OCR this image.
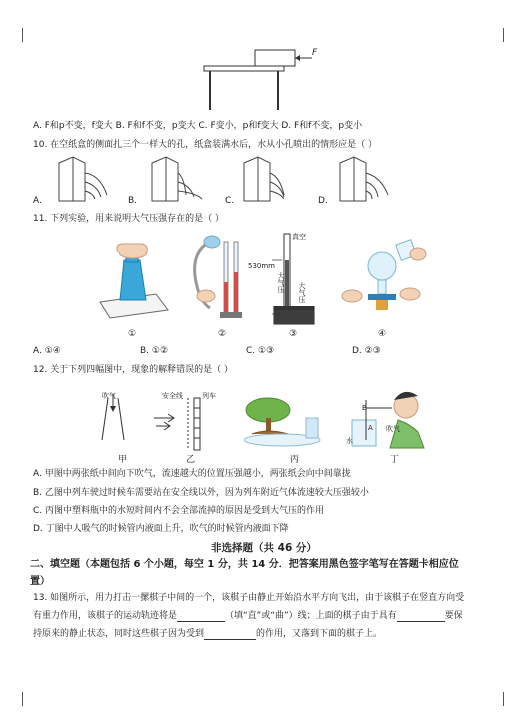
F
A. F和p不变，f变大 B. F和f不变，p变大 C. F变小，p和f变大 D. F和f不变，p变小
10. 在空纸盒的侧面扎三个一样大的孔，纸盒装满水后，水从小孔喷出的情形应是（ ）
A.	B.	C.	D.
11. 下列实验，用来说明大气压强存在的是（ ）
①	②
真空
530mm
大气压 大气压
③	④
A. ①④	B. ①②	C. ①③	D. ②③
12. 关于下列四幅图中，现象的解释错误的是（ ）
吹气
甲
安全线	列车
乙	丙
B
A 吹气
水
丁
A. 甲图中两张纸中间向下吹气，流速越大的位置压强越小，两张纸会向中间靠拢
B. 乙图中列车驶过时候车需要站在安全线以外，因为列车附近气体流速较大压强较小
C. 丙图中塑料瓶中的水短时间内不会全部流掉的原因是受到大气压的作用
D. 丁图中人吸气的时候管内液面上升，吹气的时候管内液面下降
非选择题（共 46 分）
二、填空题（本题包括 6 个小题，每空 1 分，共 14 分．把答案用黑色签字笔写在答题卡相应位
置）
13. 如图所示，用力打击一摞棋子中间的一个，该棋子由静止开始沿水平方向飞出，由于该棋子在竖直方向受
有重力作用，该棋子的运动轨迹将是	（填“直”或“曲”）线；上面的棋子由于具有	要保
持原来的静止状态，同时这些棋子因为受到	的作用，又落到下面的棋子上。
